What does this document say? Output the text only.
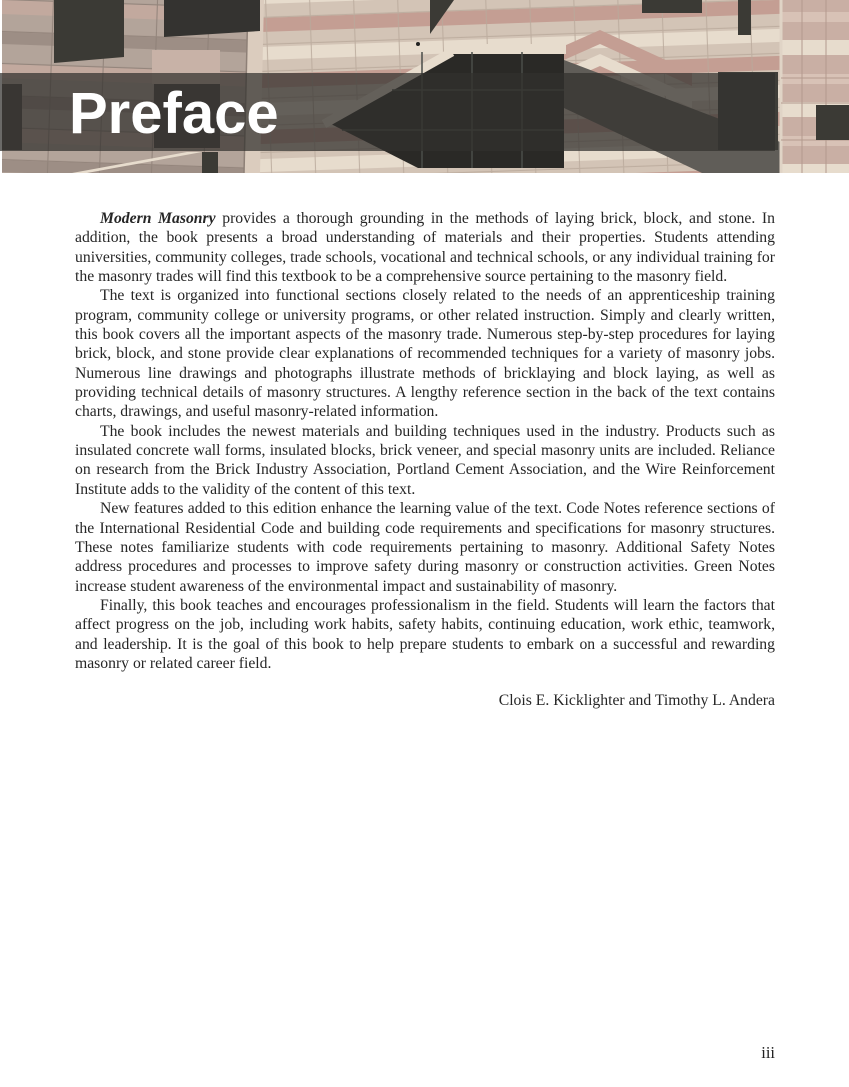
Preface

Modern Masonry provides a thorough grounding in the methods of laying brick, block, and stone. In addition, the book presents a broad understanding of materials and their properties. Students attending universities, community colleges, trade schools, vocational and technical schools, or any individual training for the masonry trades will find this textbook to be a comprehensive source pertaining to the masonry field.

The text is organized into functional sections closely related to the needs of an apprenticeship training program, community college or university programs, or other related instruction. Simply and clearly written, this book covers all the important aspects of the masonry trade. Numerous step-by-step procedures for laying brick, block, and stone provide clear explanations of recommended techniques for a variety of masonry jobs. Numerous line drawings and photographs illustrate methods of bricklaying and block laying, as well as providing technical details of masonry structures. A lengthy reference section in the back of the text contains charts, drawings, and useful masonry-related information.

The book includes the newest materials and building techniques used in the industry. Products such as insulated concrete wall forms, insulated blocks, brick veneer, and special masonry units are included. Reliance on research from the Brick Industry Association, Portland Cement Association, and the Wire Reinforcement Institute adds to the validity of the content of this text.

New features added to this edition enhance the learning value of the text. Code Notes reference sections of the International Residential Code and building code requirements and specifications for masonry structures. These notes familiarize students with code requirements pertaining to masonry. Additional Safety Notes address procedures and processes to improve safety during masonry or construction activities. Green Notes increase student awareness of the environmental impact and sustainability of masonry.

Finally, this book teaches and encourages professionalism in the field. Students will learn the factors that affect progress on the job, including work habits, safety habits, continuing education, work ethic, teamwork, and leadership. It is the goal of this book to help prepare students to embark on a successful and rewarding masonry or related career field.

Clois E. Kicklighter and Timothy L. Andera

iii
